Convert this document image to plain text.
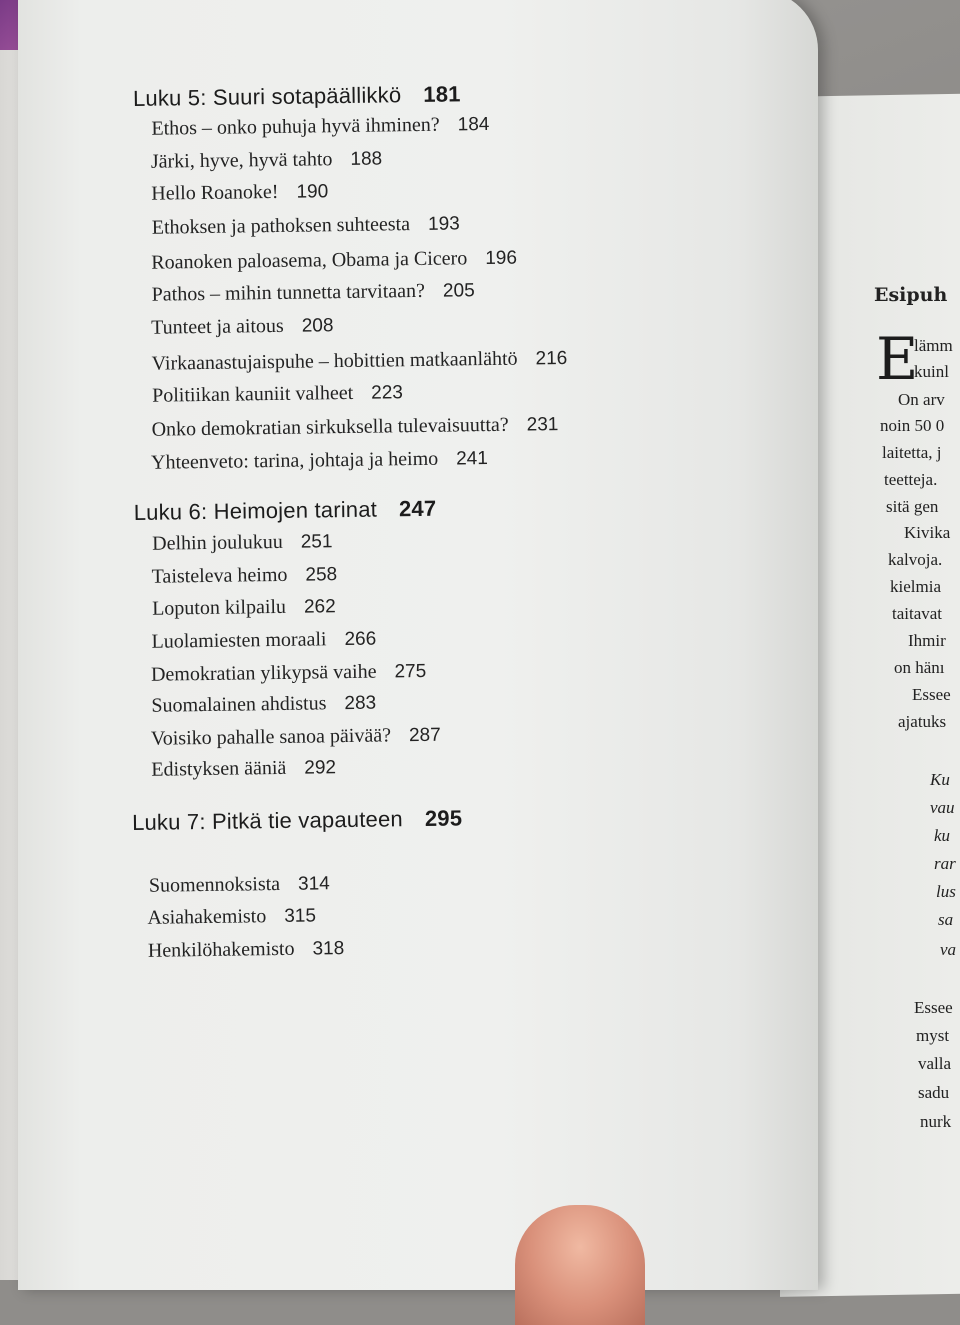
Luku 5: Suuri sotapäällikkö 181
Ethos – onko puhuja hyvä ihminen? 184
Järki, hyve, hyvä tahto 188
Hello Roanoke! 190
Ethoksen ja pathoksen suhteesta 193
Roanoken paloasema, Obama ja Cicero 196
Pathos – mihin tunnetta tarvitaan? 205
Tunteet ja aitous 208
Virkaanastujaispuhe – hobittien matkaanlähtö 216
Politiikan kauniit valheet 223
Onko demokratian sirkuksella tulevaisuutta? 231
Yhteenveto: tarina, johtaja ja heimo 241
Luku 6: Heimojen tarinat 247
Delhin joulukuu 251
Taisteleva heimo 258
Loputon kilpailu 262
Luolamiesten moraali 266
Demokratian ylikypsä vaihe 275
Suomalainen ahdistus 283
Voisiko pahalle sanoa päivää? 287
Edistyksen ääniä 292
Luku 7: Pitkä tie vapauteen 295
Suomennoksista 314
Asiahakemisto 315
Henkilöhakemisto 318
Esipuh
E
lämm
kuinl
On arv
noin 50 0
laitetta, j
teetteja.
sitä gen
Kivika
kalvoja.
kielmia
taitavat
Ihmir
on hänı
Essee
ajatuks
Ku
vau
ku
rar
lus
sa
va
Essee
myst
valla
sadu
nurk
